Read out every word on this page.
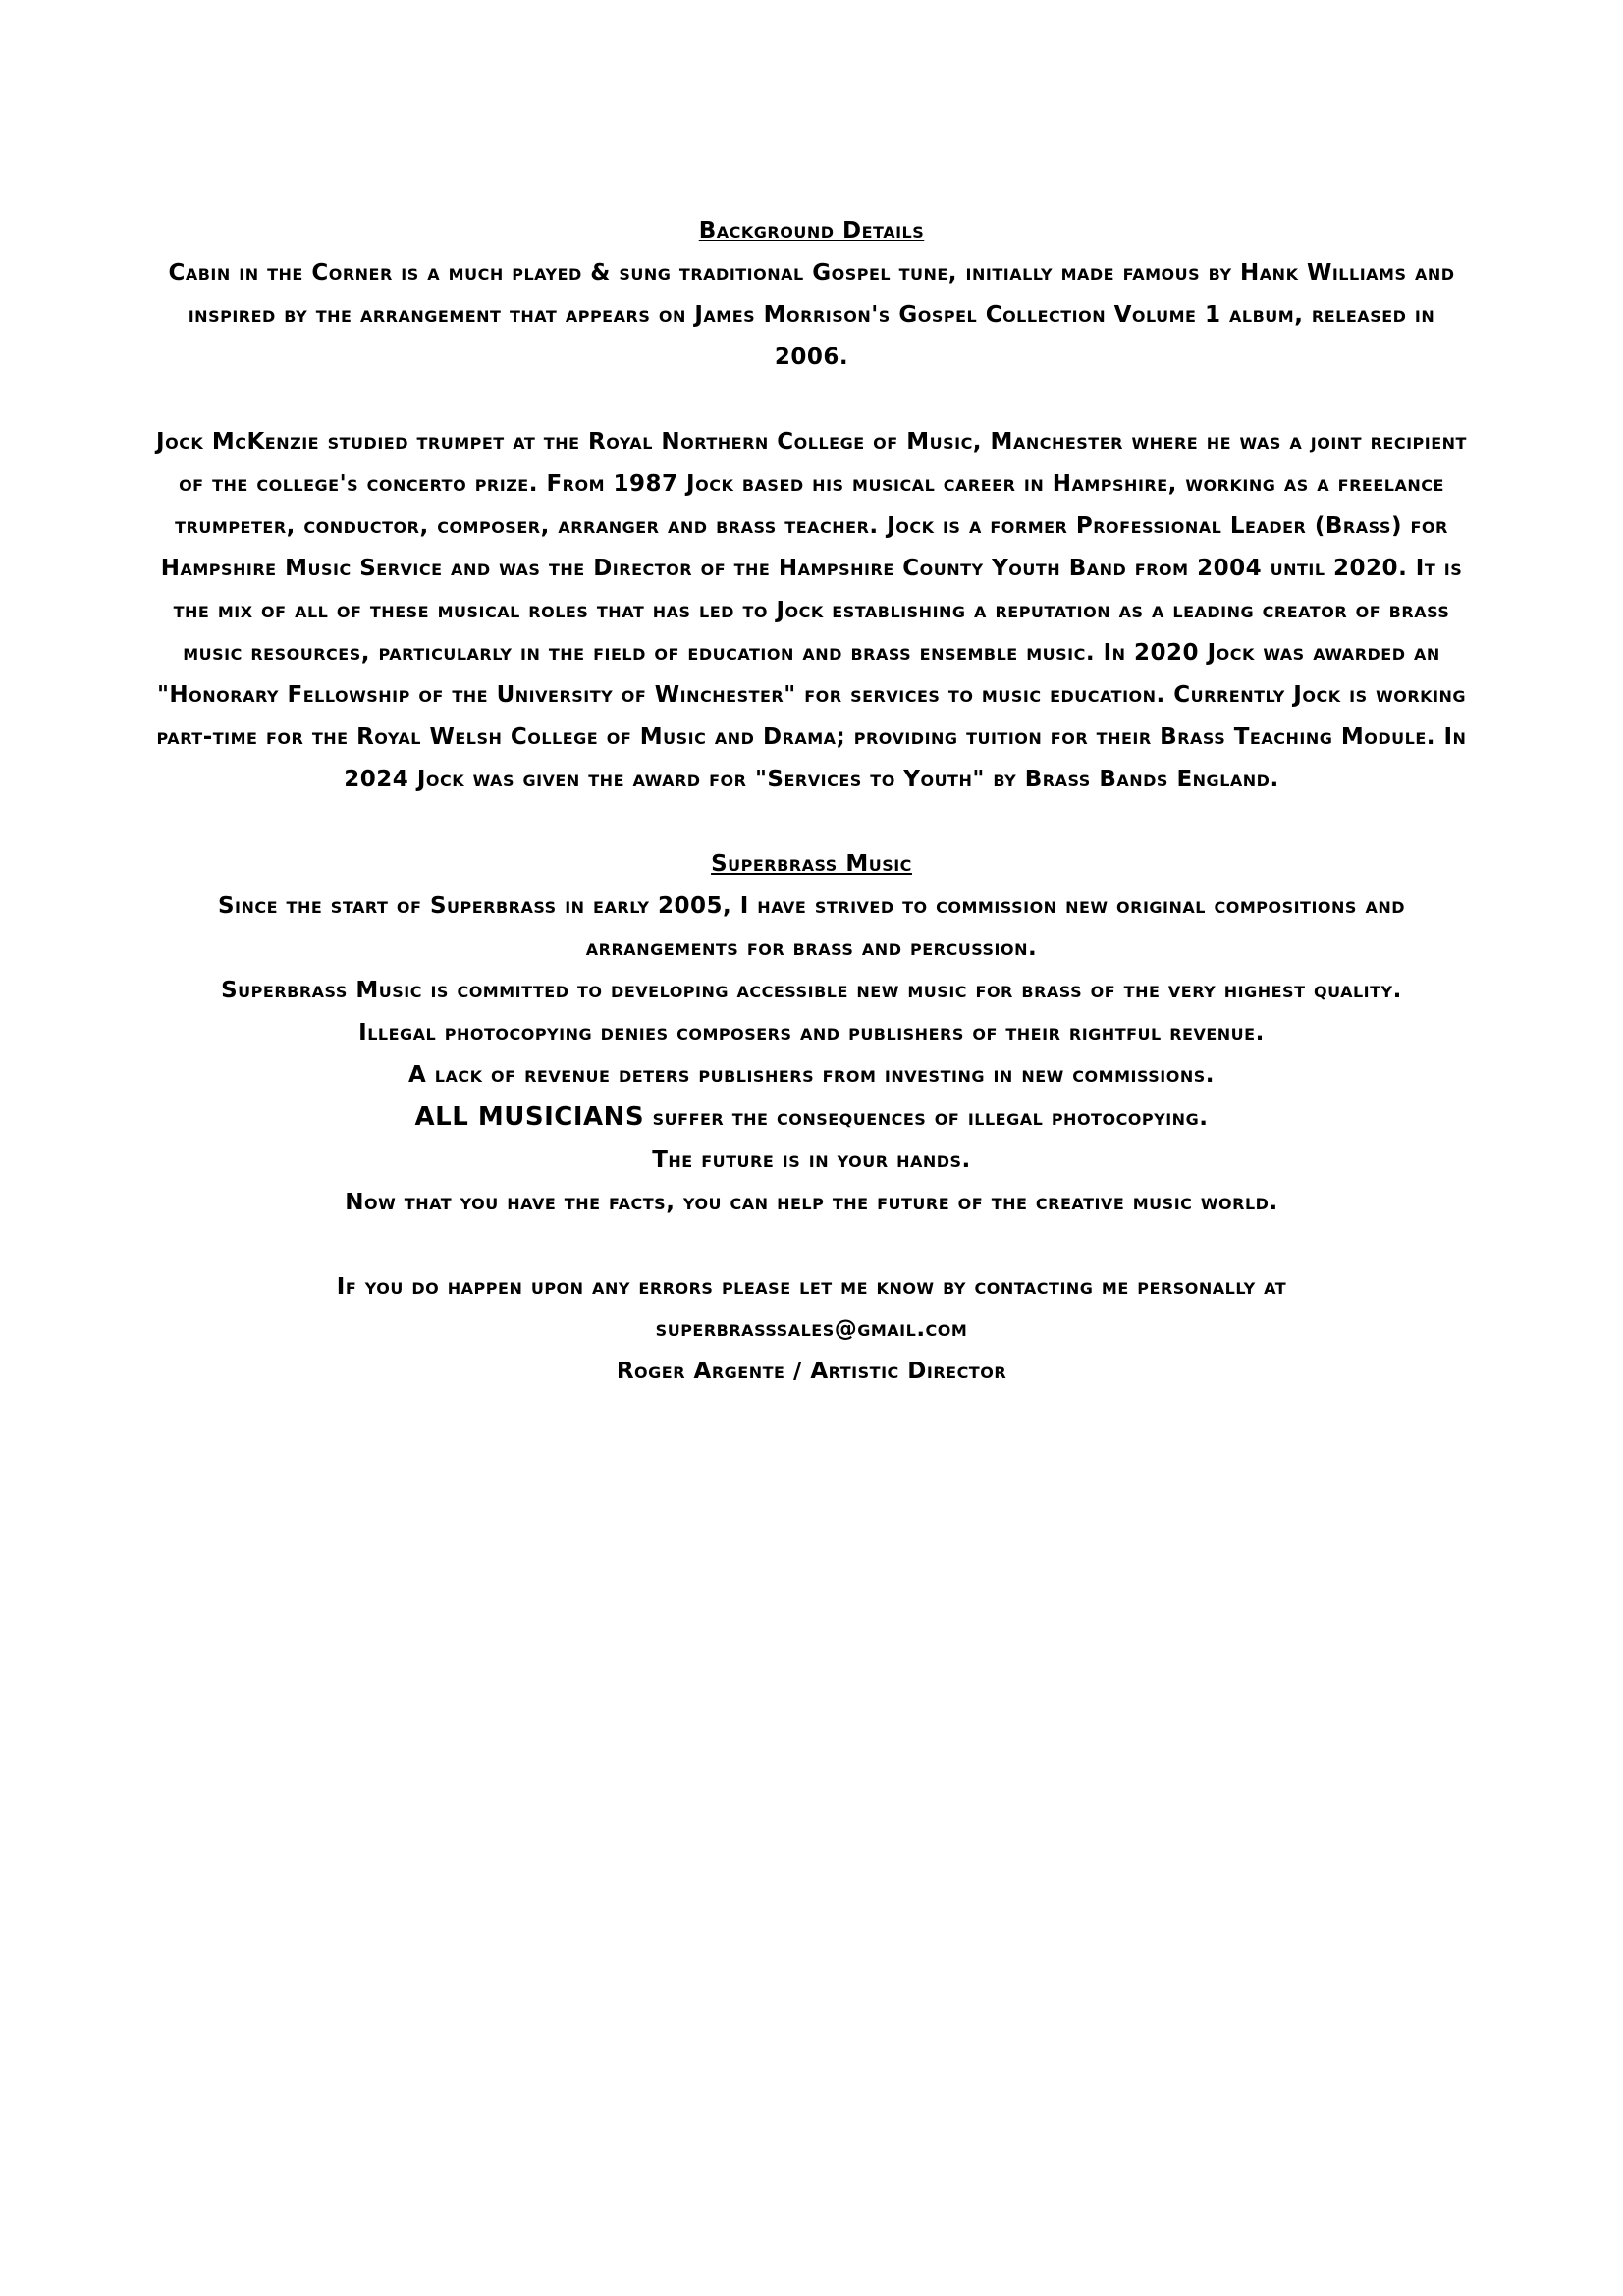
Background Details
Cabin in the Corner is a much played & sung traditional Gospel tune, initially made famous by Hank Williams and inspired by the arrangement that appears on James Morrison's Gospel Collection Volume 1 album, released in 2006.
Jock McKenzie studied trumpet at the Royal Northern College of Music, Manchester where he was a joint recipient of the college's concerto prize. From 1987 Jock based his musical career in Hampshire, working as a freelance trumpeter, conductor, composer, arranger and brass teacher. Jock is a former Professional Leader (Brass) for Hampshire Music Service and was the Director of the Hampshire County Youth Band from 2004 until 2020. It is the mix of all of these musical roles that has led to Jock establishing a reputation as a leading creator of brass music resources, particularly in the field of education and brass ensemble music. In 2020 Jock was awarded an "Honorary Fellowship of the University of Winchester" for services to music education. Currently Jock is working part-time for the Royal Welsh College of Music and Drama; providing tuition for their Brass Teaching Module. In 2024 Jock was given the award for "Services to Youth" by Brass Bands England.
Superbrass Music
Since the start of Superbrass in early 2005, I have strived to commission new original compositions and arrangements for brass and percussion.
Superbrass Music is committed to developing accessible new music for brass of the very highest quality.
Illegal photocopying denies composers and publishers of their rightful revenue.
A lack of revenue deters publishers from investing in new commissions.
ALL MUSICIANS suffer the consequences of illegal photocopying.
The future is in your hands.
Now that you have the facts, you can help the future of the creative music world.
If you do happen upon any errors please let me know by contacting me personally at
superbrasssales@gmail.com
Roger Argente / Artistic Director
